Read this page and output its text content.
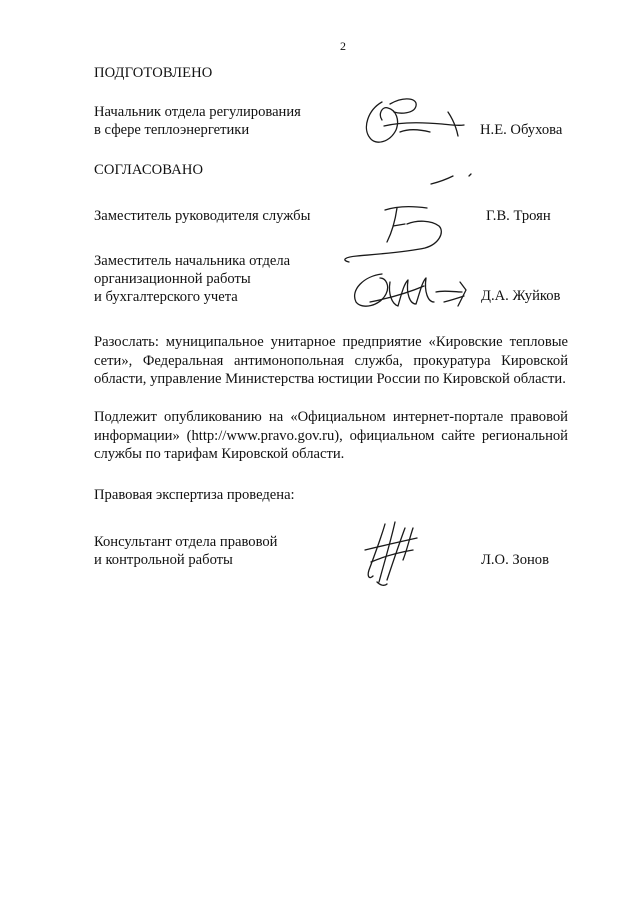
2
ПОДГОТОВЛЕНО
Начальник отдела регулирования
в сфере теплоэнергетики	Н.Е. Обухова
СОГЛАСОВАНО
Заместитель руководителя службы	Г.В. Троян
Заместитель начальника отдела
организационной работы
и бухгалтерского учета	Д.А. Жуйков
Разослать: муниципальное унитарное предприятие «Кировские тепловые сети», Федеральная антимонопольная служба, прокуратура Кировской области, управление Министерства юстиции России по Кировской области.
Подлежит опубликованию на «Официальном интернет-портале правовой информации» (http://www.pravo.gov.ru), официальном сайте региональной службы по тарифам Кировской области.
Правовая экспертиза проведена:
Консультант отдела правовой
и контрольной работы	Л.О. Зонов
